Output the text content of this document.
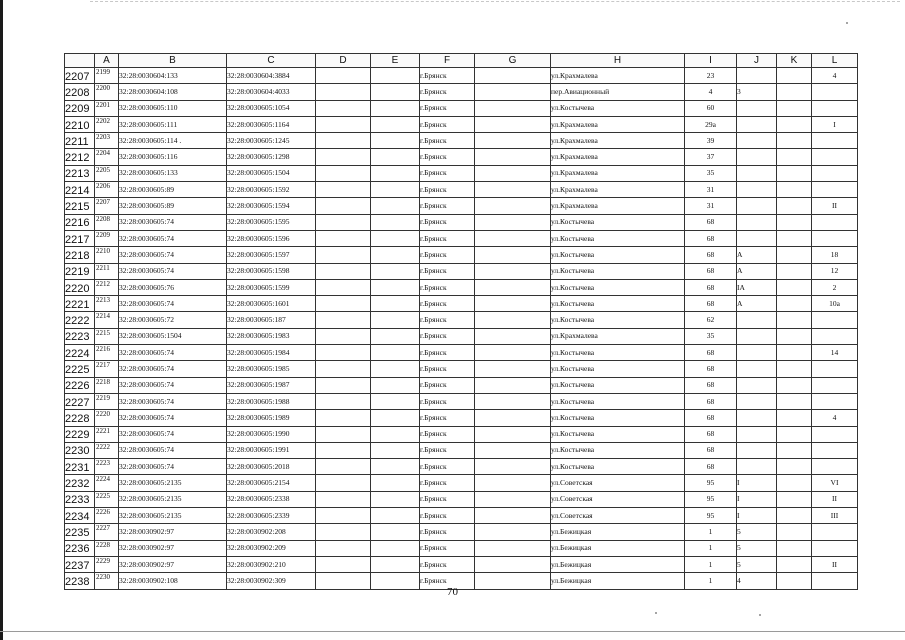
	A	B	C	D	E	F	G	H	I	J	K	L
2207	2199	32:28:0030604:133	32:28:0030604:3884			г.Брянск		ул.Крахмалева	23			4
2208	2200	32:28:0030604:108	32:28:0030604:4033			г.Брянск		пер.Авиационный	4	3		
2209	2201	32:28:0030605:110	32:28:0030605:1054			г.Брянск		ул.Костычева	60			
2210	2202	32:28:0030605:111	32:28:0030605:1164			г.Брянск		ул.Крахмалева	29а			I
2211	2203	32:28:0030605:114 .	32:28:0030605:1245			г.Брянск		ул.Крахмалева	39			
2212	2204	32:28:0030605:116	32:28:0030605:1298			г.Брянск		ул.Крахмалева	37			
2213	2205	32:28:0030605:133	32:28:0030605:1504			г.Брянск		ул.Крахмалева	35			
2214	2206	32:28:0030605:89	32:28:0030605:1592			г.Брянск		ул.Крахмалева	31			
2215	2207	32:28:0030605:89	32:28:0030605:1594			г.Брянск		ул.Крахмалева	31			II
2216	2208	32:28:0030605:74	32:28:0030605:1595			г.Брянск		ул.Костычева	68			
2217	2209	32:28:0030605:74	32:28:0030605:1596			г.Брянск		ул.Костычева	68			
2218	2210	32:28:0030605:74	32:28:0030605:1597			г.Брянск		ул.Костычева	68	А		18
2219	2211	32:28:0030605:74	32:28:0030605:1598			г.Брянск		ул.Костычева	68	А		12
2220	2212	32:28:0030605:76	32:28:0030605:1599			г.Брянск		ул.Костычева	68	IA		2
2221	2213	32:28:0030605:74	32:28:0030605:1601			г.Брянск		ул.Костычева	68	А		10а
2222	2214	32:28:0030605:72	32:28:0030605:187			г.Брянск		ул.Костычева	62			
2223	2215	32:28:0030605:1504	32:28:0030605:1983			г.Брянск		ул.Крахмалева	35			
2224	2216	32:28:0030605:74	32:28:0030605:1984			г.Брянск		ул.Костычева	68			14
2225	2217	32:28:0030605:74	32:28:0030605:1985			г.Брянск		ул.Костычева	68			
2226	2218	32:28:0030605:74	32:28:0030605:1987			г.Брянск		ул.Костычева	68			
2227	2219	32:28:0030605:74	32:28:0030605:1988			г.Брянск		ул.Костычева	68			
2228	2220	32:28:0030605:74	32:28:0030605:1989			г.Брянск		ул.Костычева	68			4
2229	2221	32:28:0030605:74	32:28:0030605:1990			г.Брянск		ул.Костычева	68			
2230	2222	32:28:0030605:74	32:28:0030605:1991			г.Брянск		ул.Костычева	68			
2231	2223	32:28:0030605:74	32:28:0030605:2018			г.Брянск		ул.Костычева	68			
2232	2224	32:28:0030605:2135	32:28:0030605:2154			г.Брянск		ул.Советская	95	I		VI
2233	2225	32:28:0030605:2135	32:28:0030605:2338			г.Брянск		ул.Советская	95	I		II
2234	2226	32:28:0030605:2135	32:28:0030605:2339			г.Брянск		ул.Советская	95	I		III
2235	2227	32:28:0030902:97	32:28:0030902:208			г.Брянск		ул.Бежицкая	1	5		
2236	2228	32:28:0030902:97	32:28:0030902:209			г.Брянск		ул.Бежицкая	1	5		
2237	2229	32:28:0030902:97	32:28:0030902:210			г.Брянск		ул.Бежицкая	1	5		II
2238	2230	32:28:0030902:108	32:28:0030902:309			г.Брянск		ул.Бежицкая	1	4		
70
